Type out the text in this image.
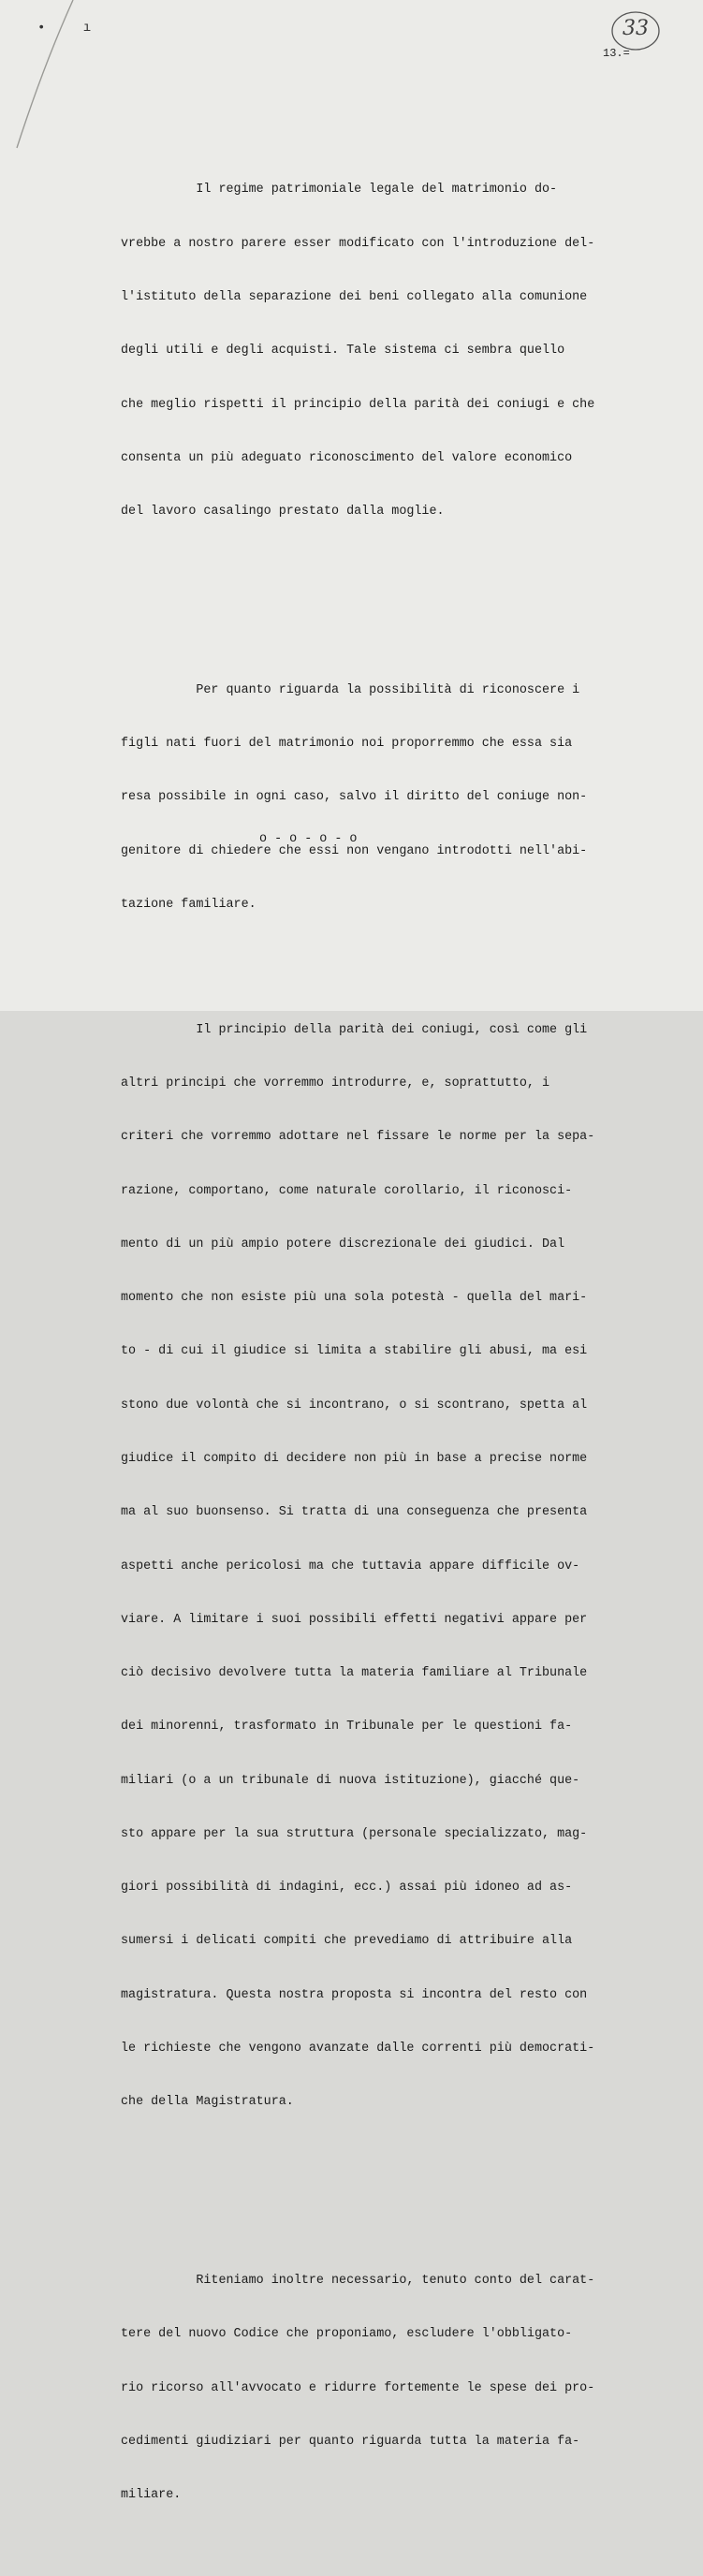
• ı	33
13.=

Il regime patrimoniale legale del matrimonio do-

vrebbe a nostro parere esser modificato con l'introduzione del-

l'istituto della separazione dei beni collegato alla comunione

degli utili e degli acquisti. Tale sistema ci sembra quello

che meglio rispetti il principio della parità dei coniugi e che

consenta un più adeguato riconoscimento del valore economico

del lavoro casalingo prestato dalla moglie.

Per quanto riguarda la possibilità di riconoscere i

figli nati fuori del matrimonio noi proporremmo che essa sia

resa possibile in ogni caso, salvo il diritto del coniuge non-

genitore di chiedere che essi non vengano introdotti nell'abi-

tazione familiare.

Il principio della parità dei coniugi, così come gli

altri principi che vorremmo introdurre, e, soprattutto, i

criteri che vorremmo adottare nel fissare le norme per la sepa-

razione, comportano, come naturale corollario, il riconosci-

mento di un più ampio potere discrezionale dei giudici. Dal

momento che non esiste più una sola potestà - quella del mari-

to - di cui il giudice si limita a stabilire gli abusi, ma esi

stono due volontà che si incontrano, o si scontrano, spetta al

giudice il compito di decidere non più in base a precise norme

ma al suo buonsenso. Si tratta di una conseguenza che presenta

aspetti anche pericolosi ma che tuttavia appare difficile ov-

viare. A limitare i suoi possibili effetti negativi appare per

ciò decisivo devolvere tutta la materia familiare al Tribunale

dei minorenni, trasformato in Tribunale per le questioni fa-

miliari (o a un tribunale di nuova istituzione), giacché que-

sto appare per la sua struttura (personale specializzato, mag-

giori possibilità di indagini, ecc.) assai più idoneo ad as-

sumersi i delicati compiti che prevediamo di attribuire alla

magistratura. Questa nostra proposta si incontra del resto con

le richieste che vengono avanzate dalle correnti più democrati-

che della Magistratura.

Riteniamo inoltre necessario, tenuto conto del carat-

tere del nuovo Codice che proponiamo, escludere l'obbligato-

rio ricorso all'avvocato e ridurre fortemente le spese dei pro-

cedimenti giudiziari per quanto riguarda tutta la materia fa-

miliare.

o - o - o - o
